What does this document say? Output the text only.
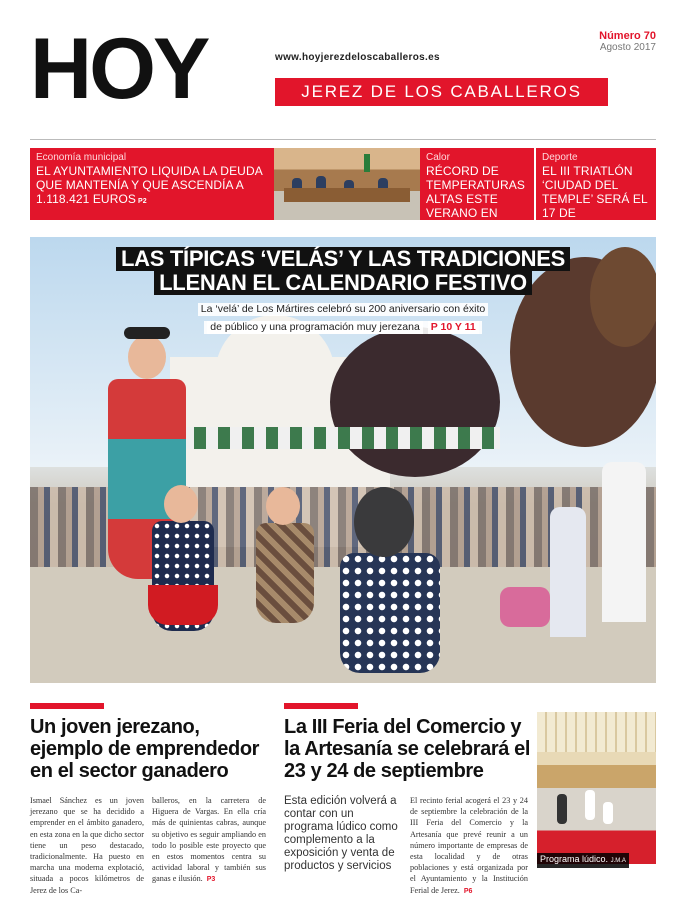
HOY	www.hoyjerezdeloscaballeros.es
JEREZ DE LOS CABALLEROS
Número 70
Agosto 2017
Economía municipal
EL AYUNTAMIENTO LIQUIDA LA DEUDA QUE MANTENÍA Y QUE ASCENDÍA A 1.118.421 EUROS P2
Calor
RÉCORD DE TEMPERATURAS ALTAS ESTE VERANO EN JEREZ P5
Deporte
EL III TRIATLÓN ‘CIUDAD DEL TEMPLE’ SERÁ EL 17 DE SEPTIEMBRE P15
LAS TÍPICAS ‘VELÁS’ Y LAS TRADICIONES
LLENAN EL CALENDARIO FESTIVO
La ‘velá’ de Los Mártires celebró su 200 aniversario con éxito
de público y una programación muy jerezana P 10 Y 11
Un joven jerezano, ejemplo de emprendedor en el sector ganadero
Ismael Sánchez es un joven jerezano que se ha decidido a emprender en el ámbito ganadero, en esta zona en la que dicho sector tiene un peso destacado, tradicionalmente. Ha puesto en marcha una moderna explotació, situada a pocos kilómetros de Jerez de los Ca-
balleros, en la carretera de Higuera de Vargas. En ella cría más de quinientas cabras, aunque su objetivo es seguir ampliando en todo lo posible este proyecto que en estos momentos centra su actividad laboral y también sus ganas e ilusión. P3
La III Feria del Comercio y la Artesanía se celebrará el 23 y 24 de septiembre
Esta edición volverá a contar con un programa lúdico como complemento a la exposición y venta de productos y servicios
El recinto ferial acogerá el 23 y 24 de septiembre la celebración de la III Feria del Comercio y la Artesanía que prevé reunir a un número importante de empresas de esta localidad y de otras poblaciones y está organizada por el Ayuntamiento y la Institución Ferial de Jerez. P6
Programa lúdico. J.M.A
